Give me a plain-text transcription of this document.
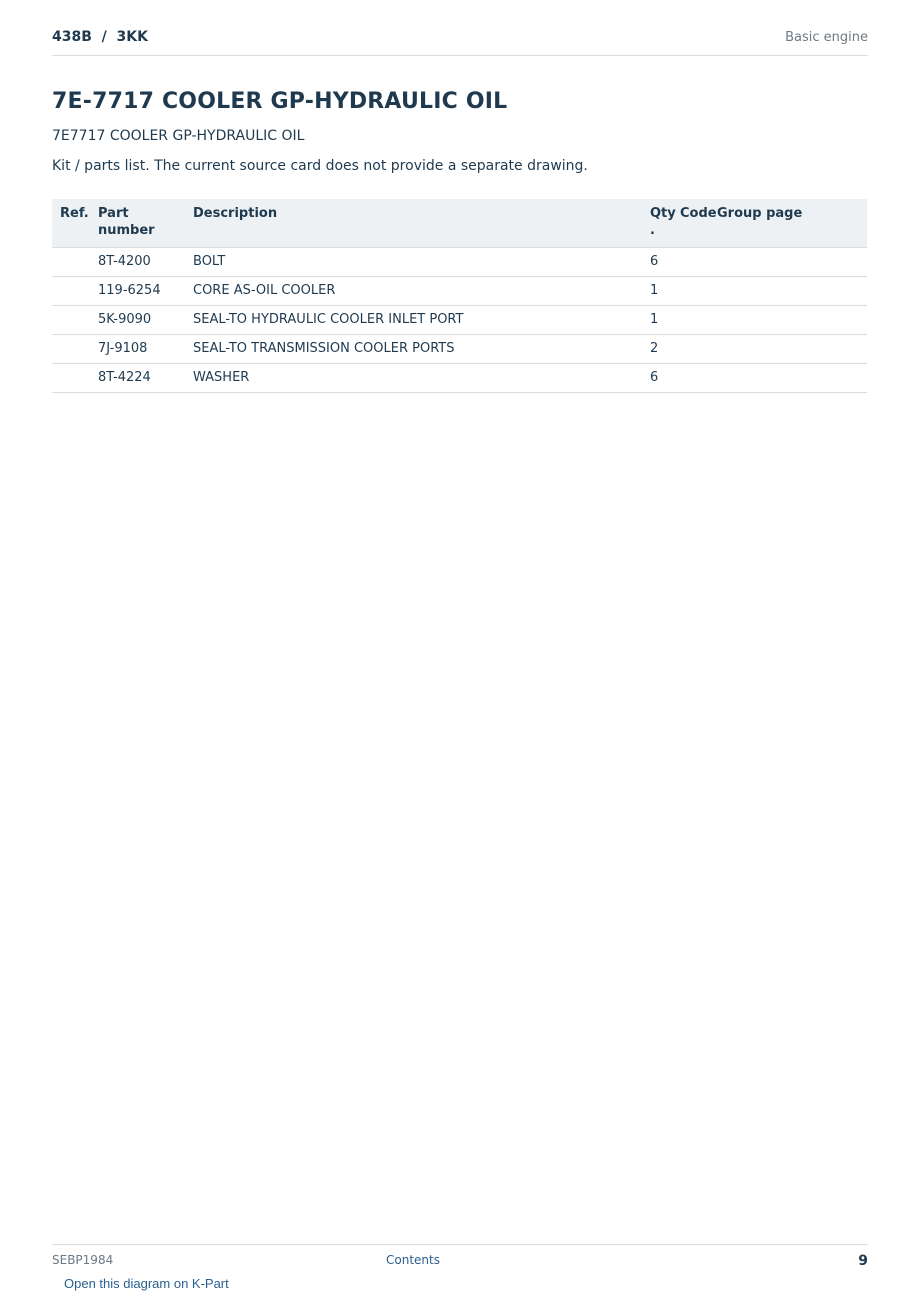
438B  /  3KK	Basic engine
7E-7717 COOLER GP-HYDRAULIC OIL
7E7717 COOLER GP-HYDRAULIC OIL
Kit / parts list. The current source card does not provide a separate drawing.
Ref.	Part number	Description	Qty .	Code	Group page
	8T-4200	BOLT	6		
	119-6254	CORE AS-OIL COOLER	1		
	5K-9090	SEAL-TO HYDRAULIC COOLER INLET PORT	1		
	7J-9108	SEAL-TO TRANSMISSION COOLER PORTS	2		
	8T-4224	WASHER	6		
SEBP1984	Contents	9
Open this diagram on K-Part
